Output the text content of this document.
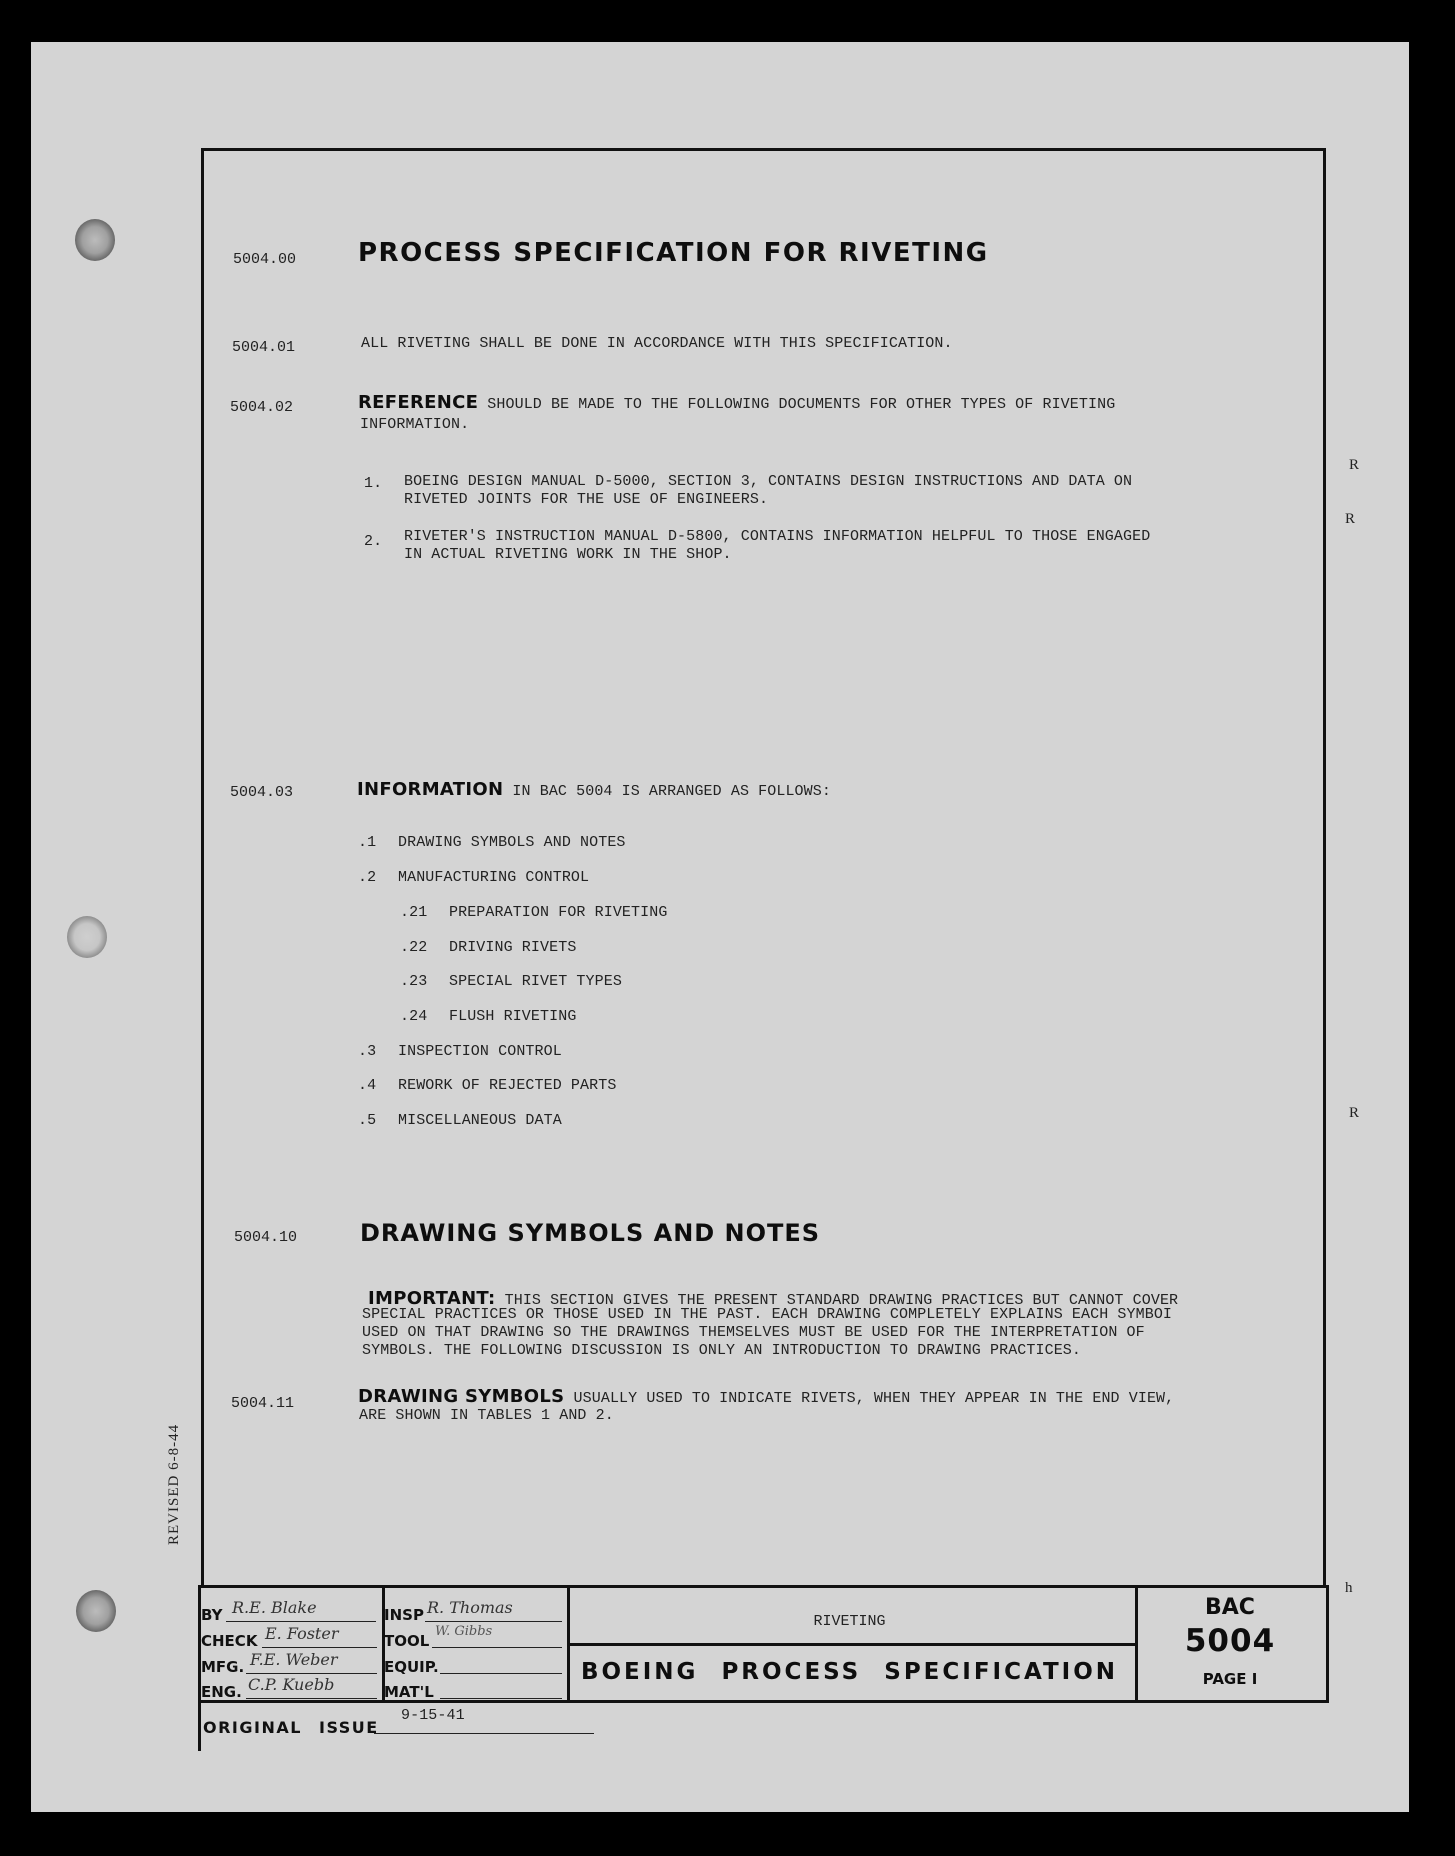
5004.00 PROCESS SPECIFICATION FOR RIVETING
5004.01	ALL RIVETING SHALL BE DONE IN ACCORDANCE WITH THIS SPECIFICATION.
5004.02	REFERENCE SHOULD BE MADE TO THE FOLLOWING DOCUMENTS FOR OTHER TYPES OF RIVETING
INFORMATION.
1. BOEING DESIGN MANUAL D-5000, SECTION 3, CONTAINS DESIGN INSTRUCTIONS AND DATA ON
RIVETED JOINTS FOR THE USE OF ENGINEERS.
2. RIVETER'S INSTRUCTION MANUAL D-5800, CONTAINS INFORMATION HELPFUL TO THOSE ENGAGED
IN ACTUAL RIVETING WORK IN THE SHOP.
5004.03	INFORMATION IN BAC 5004 IS ARRANGED AS FOLLOWS:
.1 DRAWING SYMBOLS AND NOTES
.2 MANUFACTURING CONTROL
.21 PREPARATION FOR RIVETING
.22 DRIVING RIVETS
.23 SPECIAL RIVET TYPES
.24 FLUSH RIVETING
.3 INSPECTION CONTROL
.4 REWORK OF REJECTED PARTS
.5 MISCELLANEOUS DATA
5004.10	DRAWING SYMBOLS AND NOTES
IMPORTANT: THIS SECTION GIVES THE PRESENT STANDARD DRAWING PRACTICES BUT CANNOT COVER
SPECIAL PRACTICES OR THOSE USED IN THE PAST. EACH DRAWING COMPLETELY EXPLAINS EACH SYMBOI
USED ON THAT DRAWING SO THE DRAWINGS THEMSELVES MUST BE USED FOR THE INTERPRETATION OF
SYMBOLS. THE FOLLOWING DISCUSSION IS ONLY AN INTRODUCTION TO DRAWING PRACTICES.
5004.11	DRAWING SYMBOLS USUALLY USED TO INDICATE RIVETS, WHEN THEY APPEAR IN THE END VIEW,
ARE SHOWN IN TABLES 1 AND 2.
R
R
R
h
REVISED 6-8-44
BY R.E. Blake
CHECK E. Foster
MFG. F.E. Weber
ENG. C.P. Kuebb
INSP R. Thomas
TOOL
W. Gibbs
EQUIP.
MAT'L
RIVETING
BOEING PROCESS SPECIFICATION
BAC
5004
PAGE I
ORIGINAL ISSUE
9-15-41
